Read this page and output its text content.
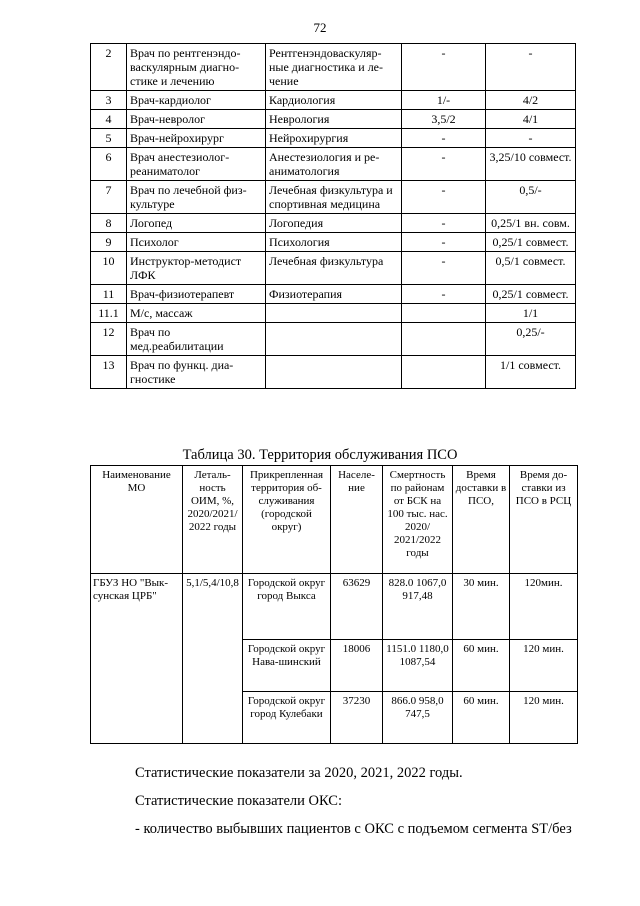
72
2	Врач по рентгенэндо-васкулярным диагно-стике и лечению	Рентгенэндоваскуляр-ные диагностика и ле-чение	-	-
3	Врач-кардиолог	Кардиология	1/-	4/2
4	Врач-невролог	Неврология	3,5/2	4/1
5	Врач-нейрохирург	Нейрохирургия	-	-
6	Врач анестезиолог-реаниматолог	Анестезиология и ре-аниматология	-	3,25/10 совмест.
7	Врач по лечебной физ-культуре	Лечебная физкультура и спортивная медицина	-	0,5/-
8	Логопед	Логопедия	-	0,25/1 вн. совм.
9	Психолог	Психология	-	0,25/1 совмест.
10	Инструктор-методист ЛФК	Лечебная физкультура	-	0,5/1 совмест.
11	Врач-физиотерапевт	Физиотерапия	-	0,25/1 совмест.
11.1	М/с, массаж			1/1
12	Врач по мед.реабилитации			0,25/-
13	Врач по функц. диа-гностике			1/1 совмест.
Таблица 30. Территория обслуживания ПСО
Наименование МО	Леталь-ность ОИМ, %, 2020/2021/ 2022 годы	Прикрепленная территория об-служивания (городской округ)	Населе-ние	Смертность по районам от БСК на 100 тыс. нас. 2020/ 2021/2022 годы	Время доставки в ПСО,	Время до-ставки из ПСО в РСЦ
ГБУЗ НО "Вык-сунская ЦРБ"	5,1/5,4/10,8	Городской округ город Выкса	63629	828.0 1067,0 917,48	30 мин.	120мин.
		Городской округ Нава-шинский	18006	1151.0 1180,0 1087,54	60 мин.	120 мин.
		Городской округ город Кулебаки	37230	866.0 958,0 747,5	60 мин.	120 мин.
Статистические показатели за 2020, 2021, 2022 годы.
Статистические показатели ОКС:
- количество выбывших пациентов с ОКС с подъемом сегмента ST/без
